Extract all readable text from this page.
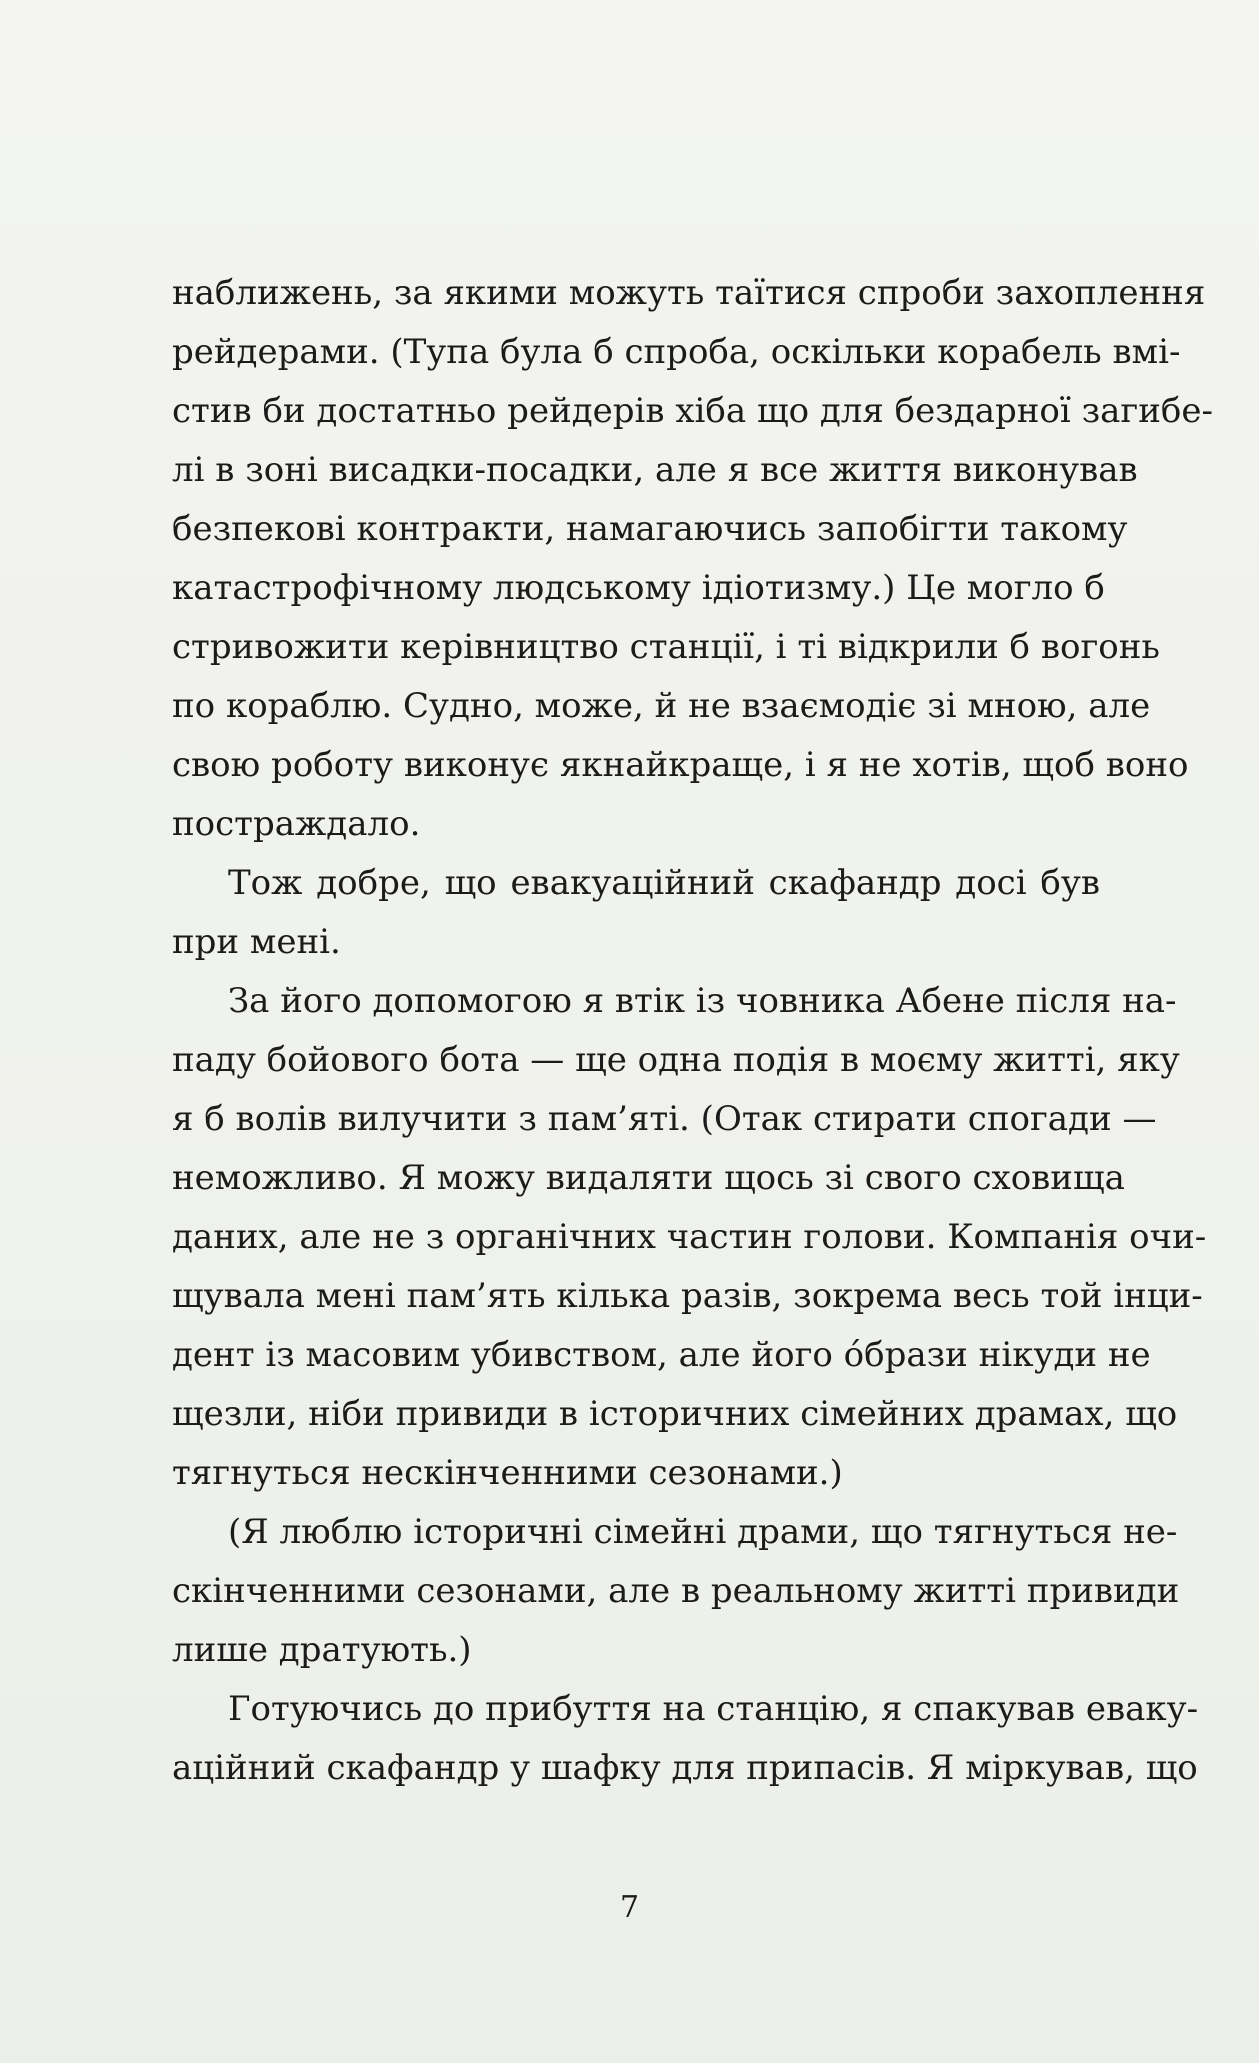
наближень, за якими можуть таїтися спроби захоплення
рейдерами. (Тупа була б спроба, оскільки корабель вмі-
стив би достатньо рейдерів хіба що для бездарної загибе-
лі в зоні висадки-посадки, але я все життя виконував
безпекові контракти, намагаючись запобігти такому
катастрофічному людському ідіотизму.) Це могло б
стривожити керівництво станції, і ті відкрили б вогонь
по кораблю. Судно, може, й не взаємодіє зі мною, але
свою роботу виконує якнайкраще, і я не хотів, щоб воно
постраждало.
Тож добре, що евакуаційний скафандр досі був
при мені.
За його допомогою я втік із човника Абене після на-
паду бойового бота — ще одна подія в моєму житті, яку
я б волів вилучити з пам’яті. (Отак стирати спогади —
неможливо. Я можу видаляти щось зі свого сховища
даних, але не з органічних частин голови. Компанія очи-
щувала мені пам’ять кілька разів, зокрема весь той інци-
дент із масовим убивством, але його óбрази нікуди не
щезли, ніби привиди в історичних сімейних драмах, що
тягнуться нескінченними сезонами.)
(Я люблю історичні сімейні драми, що тягнуться не-
скінченними сезонами, але в реальному житті привиди
лише дратують.)
Готуючись до прибуття на станцію, я спакував евaку-
аційний скафандр у шафку для припасів. Я міркував, що
7
